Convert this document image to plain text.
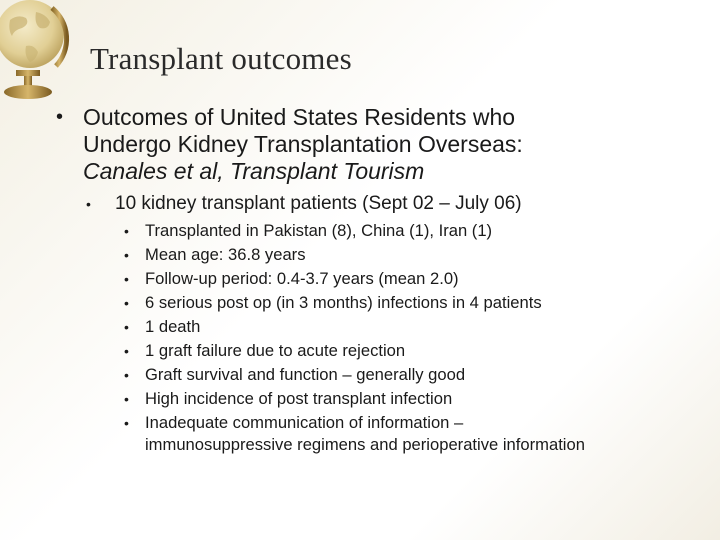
Transplant outcomes
• Outcomes of United States Residents who
Undergo Kidney Transplantation Overseas:
Canales et al, Transplant Tourism
• 10 kidney transplant patients (Sept 02 – July 06)
• Transplanted in Pakistan (8), China (1), Iran (1)
• Mean age: 36.8 years
• Follow-up period: 0.4-3.7 years (mean 2.0)
• 6 serious post op (in 3 months) infections in 4 patients
• 1 death
• 1 graft failure due to acute rejection
• Graft survival and function – generally good
• High incidence of post transplant infection
• Inadequate communication of information –
immunosuppressive regimens and perioperative information
